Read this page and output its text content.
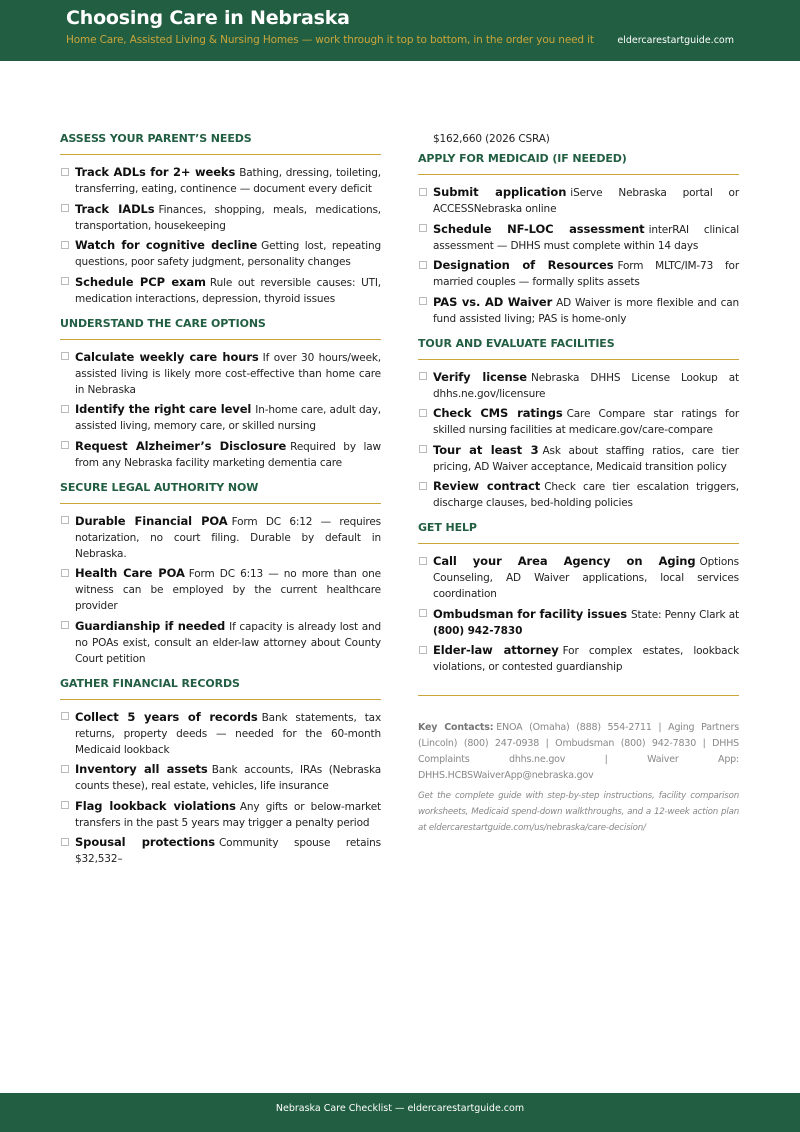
Choosing Care in Nebraska
Home Care, Assisted Living & Nursing Homes — work through it top to bottom, in the order you need it eldercarestartguide.com
ASSESS YOUR PARENT’S NEEDS
Track ADLs for 2+ weeks Bathing, dressing, toileting, transferring, eating, continence — document every deficit
Track IADLs Finances, shopping, meals, medications, transportation, housekeeping
Watch for cognitive decline Getting lost, repeating questions, poor safety judgment, personality changes
Schedule PCP exam Rule out reversible causes: UTI, medication interactions, depression, thyroid issues
UNDERSTAND THE CARE OPTIONS
Calculate weekly care hours If over 30 hours/week, assisted living is likely more cost-effective than home care in Nebraska
Identify the right care level In-home care, adult day, assisted living, memory care, or skilled nursing
Request Alzheimer’s Disclosure Required by law from any Nebraska facility marketing dementia care
SECURE LEGAL AUTHORITY NOW
Durable Financial POA Form DC 6:12 — requires notarization, no court filing. Durable by default in Nebraska.
Health Care POA Form DC 6:13 — no more than one witness can be employed by the current healthcare provider
Guardianship if needed If capacity is already lost and no POAs exist, consult an elder-law attorney about County Court petition
GATHER FINANCIAL RECORDS
Collect 5 years of records Bank statements, tax returns, property deeds — needed for the 60-month Medicaid lookback
Inventory all assets Bank accounts, IRAs (Nebraska counts these), real estate, vehicles, life insurance
Flag lookback violations Any gifts or below-market transfers in the past 5 years may trigger a penalty period
Spousal protections Community spouse retains $32,532–
$162,660 (2026 CSRA)
APPLY FOR MEDICAID (IF NEEDED)
Submit application iServe Nebraska portal or ACCESSNebraska online
Schedule NF-LOC assessment interRAI clinical assessment — DHHS must complete within 14 days
Designation of Resources Form MLTC/IM-73 for married couples — formally splits assets
PAS vs. AD Waiver AD Waiver is more flexible and can fund assisted living; PAS is home-only
TOUR AND EVALUATE FACILITIES
Verify license Nebraska DHHS License Lookup at dhhs.ne.gov/licensure
Check CMS ratings Care Compare star ratings for skilled nursing facilities at medicare.gov/care-compare
Tour at least 3 Ask about staffing ratios, care tier pricing, AD Waiver acceptance, Medicaid transition policy
Review contract Check care tier escalation triggers, discharge clauses, bed-holding policies
GET HELP
Call your Area Agency on Aging Options Counseling, AD Waiver applications, local services coordination
Ombudsman for facility issues State: Penny Clark at (800) 942-7830
Elder-law attorney For complex estates, lookback violations, or contested guardianship
Key Contacts: ENOA (Omaha) (888) 554-2711 | Aging Partners (Lincoln) (800) 247-0938 | Ombudsman (800) 942-7830 | DHHS Complaints dhhs.ne.gov | Waiver App: DHHS.HCBSWaiverApp@nebraska.gov
Get the complete guide with step-by-step instructions, facility comparison worksheets, Medicaid spend-down walkthroughs, and a 12-week action plan at eldercarestartguide.com/us/nebraska/care-decision/
Nebraska Care Checklist — eldercarestartguide.com
